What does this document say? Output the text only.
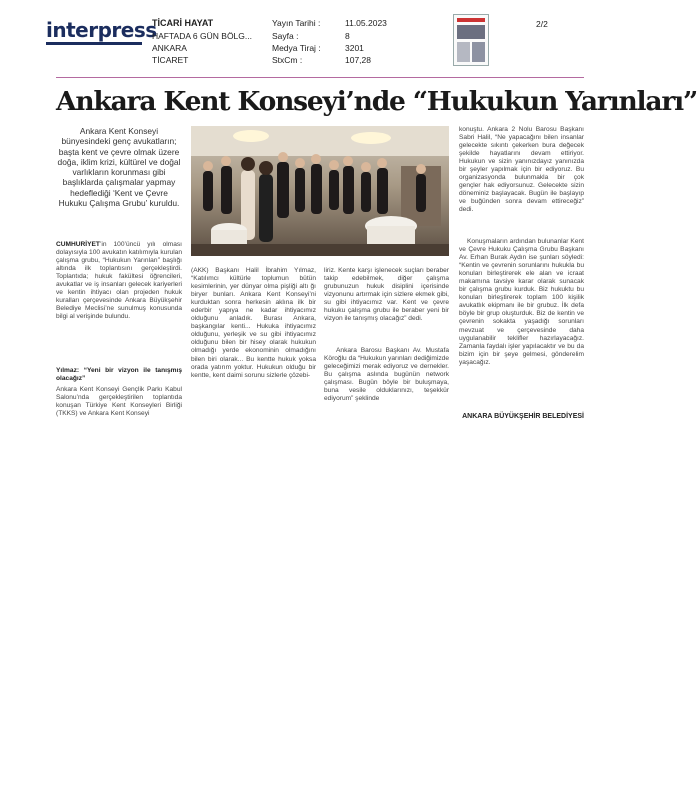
interpress
TİCARİ HAYAT
HAFTADA 6 GÜN BÖLG...
ANKARA
TİCARET
Yayın Tarihi :
Sayfa :
Medya Tiraj :
StxCm :
11.05.2023
8
3201
107,28
2/2
Ankara Kent Konseyi’nde “Hukukun Yarınları”
Ankara Kent Konseyi bünyesindeki genç avukatların; başta kent ve çevre olmak üzere doğa, iklim krizi, kültürel ve doğal varlıkların korunması gibi başlıklarda çalışmalar yapmay hedeflediği ‘Kent ve Çevre Hukuku Çalışma Grubu’ kuruldu.
CUMHURİYET’in 100’üncü yılı olması dolayısıyla 100 avukatın katılımıyla kurulan çalışma grubu, “Hukukun Yarınları” başlığı altında ilk toplantısını gerçekleştirdi. Toplantıda; hukuk fakültesi öğrencileri, avukatlar ve iş insanları gelecek kariyerleri ve kentin ihtiyacı olan projeden hukuk kuralları çerçevesinde Ankara Büyükşehir Belediye Meclisi’ne sunulmuş konusunda bilgi al verişinde bulundu.
Yılmaz: “Yeni bir vizyon ile tanışmış olacağız”
Ankara Kent Konseyi Gençlik Parkı Kabul Salonu’nda gerçekleştirilen toplantıda konuşan Türkiye Kent Konseyleri Birliği (TKKS) ve Ankara Kent Konseyi
(AKK) Başkanı Halil İbrahim Yılmaz, “Katılımcı kültürle toplumun bütün kesimlerinin, yer dünyar olma pişliği altı ğı biryer bunları. Ankara Kent Konseyi’ni kurduktan sonra herkesin aklına ilk bir ederbir yapıya ne kadar ihtiyacımız olduğunu anladık. Burası Ankara, başkangılar kenti... Hukuka ihtiyacımız olduğunu, yerleşik ve su gibi ihtiyacımız olduğunu bilen bir hisey olarak hukukun olmadığı yerde ekonominin olmadığını bilen biri olarak... Bu kentte hukuk yoksa orada yatırım yoktur. Hukukun olduğu bir kentte, kent daimi sorunu sizlerle çözebi-
liriz. Kente karşı işlenecek suçları beraber takip edebilmek, diğer çalışma grubunuzun hukuk disiplini içerisinde vizyonunu artırmak için sizlere ekmek gibi, su gibi ihtiyacımız var. Kent ve çevre hukuku çalışma grubu ile beraber yeni bir vizyon ile tanışmış olacağız” dedi.
Ankara Barosu Başkanı Av. Mustafa Köroğlu da “Hukukun yarınları dediğimizde geleceğimizi merak ediyoruz ve dernekler. Bu çalışma aslında bugünün network çalışması. Bugün böyle bir buluşmaya, buna vesile olduklarınızı, teşekkür ediyorum” şeklinde
konuştu. Ankara 2 Nolu Barosu Başkanı Sabri Halil, “Ne yapacağını bilen insanlar gelecekte sıkıntı çekerken bura değecek şekilde hayatlarını devam ettiriyor. Hukukun ve sizin yanınızdayız yanınızda bir şeyler yapılmak için bir ediyoruz. Bu organizasyonda bulunmakla bir çok gençler hak ediyorsunuz. Gelecekte sizin döneminiz başlayacak. Bugün ile başlayıp ve buğünden sonra devam ettireceğiz” dedi.
Konuşmaların ardından bulunanlar Kent ve Çevre Hukuku Çalışma Grubu Başkanı Av. Erhan Burak Aydın ise şunları söyledi: “Kentin ve çevrenin sorunlarını hukukla bu konuları birleştirerek ele alan ve icraat makamına tavsiye karar olarak sunacak bir çalışma grubu kurduk. Biz hukuktu bu konuları birleştirerek toplam 100 kişilik avukatlık ekipmanı ile bir grubuz. İlk defa böyle bir grup oluşturduk. Biz de kentin ve çevrenin sokakta yaşadığı sorunları mevzuat ve çerçevesinde daha uygulanabilir teklifler hazırlayacağız. Zamanla faydalı işler yapılacaktır ve bu da bizim için bir şeye gelmesi, gönderelim yaşacağız.
ANKARA BÜYÜKŞEHİR BELEDİYESİ
